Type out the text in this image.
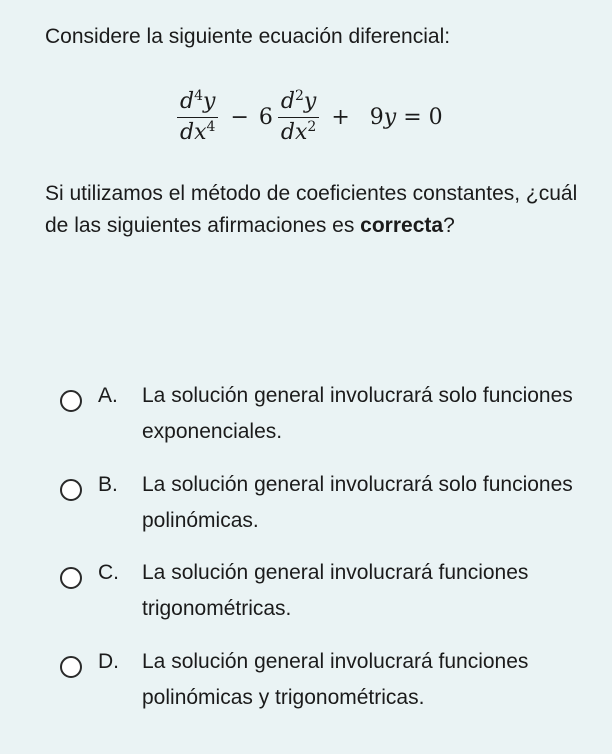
Considere la siguiente ecuación diferencial:
$\frac{d^4y}{dx^4} - 6 \frac{d^2y}{dx^2} + 9y = 0$
Si utilizamos el método de coeficientes constantes, ¿cuál de las siguientes afirmaciones es correcta?
A. La solución general involucrará solo funciones exponenciales.
B. La solución general involucrará solo funciones polinómicas.
C. La solución general involucrará funciones trigonométricas.
D. La solución general involucrará funciones polinómicas y trigonométricas.
